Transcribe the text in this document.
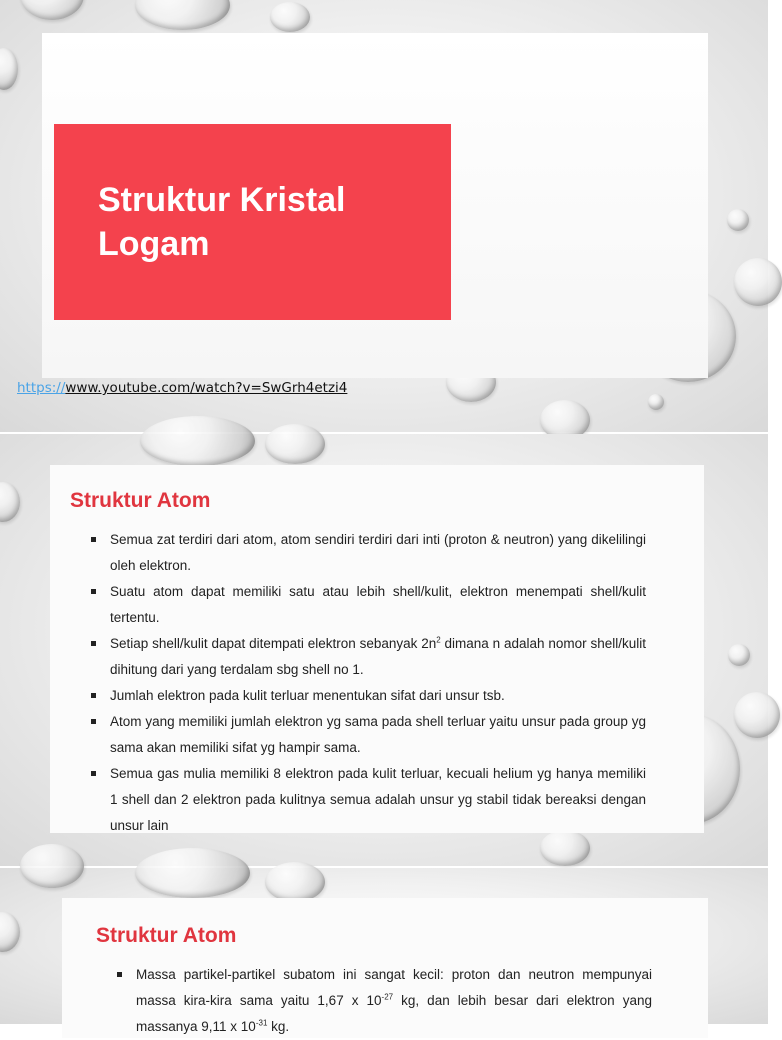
Struktur Kristal
Logam
https://www.youtube.com/watch?v=SwGrh4etzi4
Struktur Atom
Semua zat terdiri dari atom, atom sendiri terdiri dari inti (proton & neutron) yang dikelilingi oleh elektron.
Suatu atom dapat memiliki satu atau lebih shell/kulit, elektron menempati shell/kulit tertentu.
Setiap shell/kulit dapat ditempati elektron sebanyak $2n^2$ dimana n adalah nomor shell/kulit dihitung dari yang terdalam sbg shell no 1.
Jumlah elektron pada kulit terluar menentukan sifat dari unsur tsb.
Atom yang memiliki jumlah elektron yg sama pada shell terluar yaitu unsur pada group yg sama akan memiliki sifat yg hampir sama.
Semua gas mulia memiliki 8 elektron pada kulit terluar, kecuali helium yg hanya memiliki 1 shell dan 2 elektron pada kulitnya semua adalah unsur yg stabil tidak bereaksi dengan unsur lain
Struktur Atom
Massa partikel-partikel subatom ini sangat kecil: proton dan neutron mempunyai massa kira-kira sama yaitu 1,67 x $10^{-27}$ kg, dan lebih besar dari elektron yang massanya 9,11 x $10^{-31}$ kg.
